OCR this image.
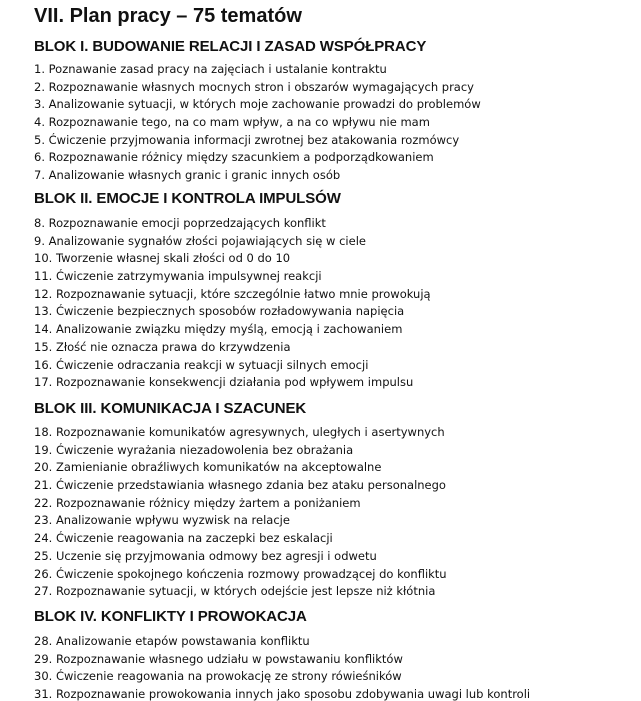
VII. Plan pracy – 75 tematów
BLOK I. BUDOWANIE RELACJI I ZASAD WSPÓŁPRACY
1. Poznawanie zasad pracy na zajęciach i ustalanie kontraktu
2. Rozpoznawanie własnych mocnych stron i obszarów wymagających pracy
3. Analizowanie sytuacji, w których moje zachowanie prowadzi do problemów
4. Rozpoznawanie tego, na co mam wpływ, a na co wpływu nie mam
5. Ćwiczenie przyjmowania informacji zwrotnej bez atakowania rozmówcy
6. Rozpoznawanie różnicy między szacunkiem a podporządkowaniem
7. Analizowanie własnych granic i granic innych osób
BLOK II. EMOCJE I KONTROLA IMPULSÓW
8. Rozpoznawanie emocji poprzedzających konflikt
9. Analizowanie sygnałów złości pojawiających się w ciele
10. Tworzenie własnej skali złości od 0 do 10
11. Ćwiczenie zatrzymywania impulsywnej reakcji
12. Rozpoznawanie sytuacji, które szczególnie łatwo mnie prowokują
13. Ćwiczenie bezpiecznych sposobów rozładowywania napięcia
14. Analizowanie związku między myślą, emocją i zachowaniem
15. Złość nie oznacza prawa do krzywdzenia
16. Ćwiczenie odraczania reakcji w sytuacji silnych emocji
17. Rozpoznawanie konsekwencji działania pod wpływem impulsu
BLOK III. KOMUNIKACJA I SZACUNEK
18. Rozpoznawanie komunikatów agresywnych, uległych i asertywnych
19. Ćwiczenie wyrażania niezadowolenia bez obrażania
20. Zamienianie obraźliwych komunikatów na akceptowalne
21. Ćwiczenie przedstawiania własnego zdania bez ataku personalnego
22. Rozpoznawanie różnicy między żartem a poniżaniem
23. Analizowanie wpływu wyzwisk na relacje
24. Ćwiczenie reagowania na zaczepki bez eskalacji
25. Uczenie się przyjmowania odmowy bez agresji i odwetu
26. Ćwiczenie spokojnego kończenia rozmowy prowadzącej do konfliktu
27. Rozpoznawanie sytuacji, w których odejście jest lepsze niż kłótnia
BLOK IV. KONFLIKTY I PROWOKACJA
28. Analizowanie etapów powstawania konfliktu
29. Rozpoznawanie własnego udziału w powstawaniu konfliktów
30. Ćwiczenie reagowania na prowokację ze strony rówieśników
31. Rozpoznawanie prowokowania innych jako sposobu zdobywania uwagi lub kontroli
